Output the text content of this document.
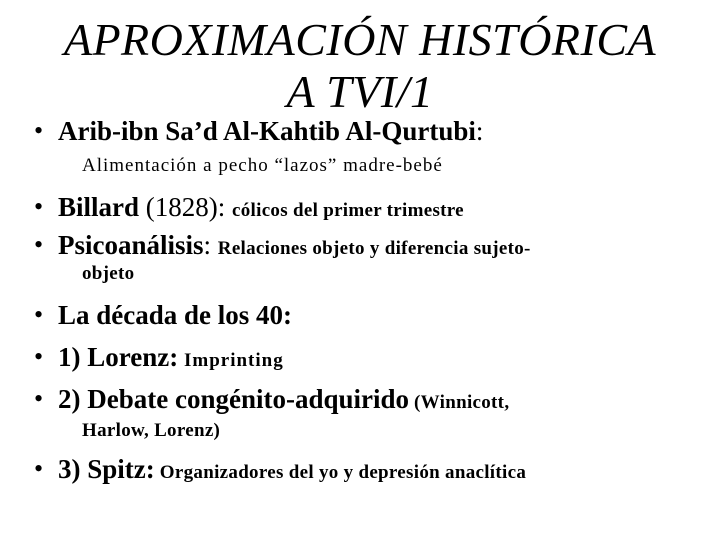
APROXIMACIÓN HISTÓRICA
A TVI/1
• Arib-ibn Sa’d Al-Kahtib Al-Qurtubi:
Alimentación a pecho “lazos” madre-bebé
• Billard (1828): cólicos del primer trimestre
• Psicoanálisis: Relaciones objeto y diferencia sujeto-
objeto
• La década de los 40:
• 1) Lorenz: Imprinting
• 2) Debate congénito-adquirido (Winnicott,
Harlow, Lorenz)
• 3) Spitz: Organizadores del yo y depresión anaclítica
